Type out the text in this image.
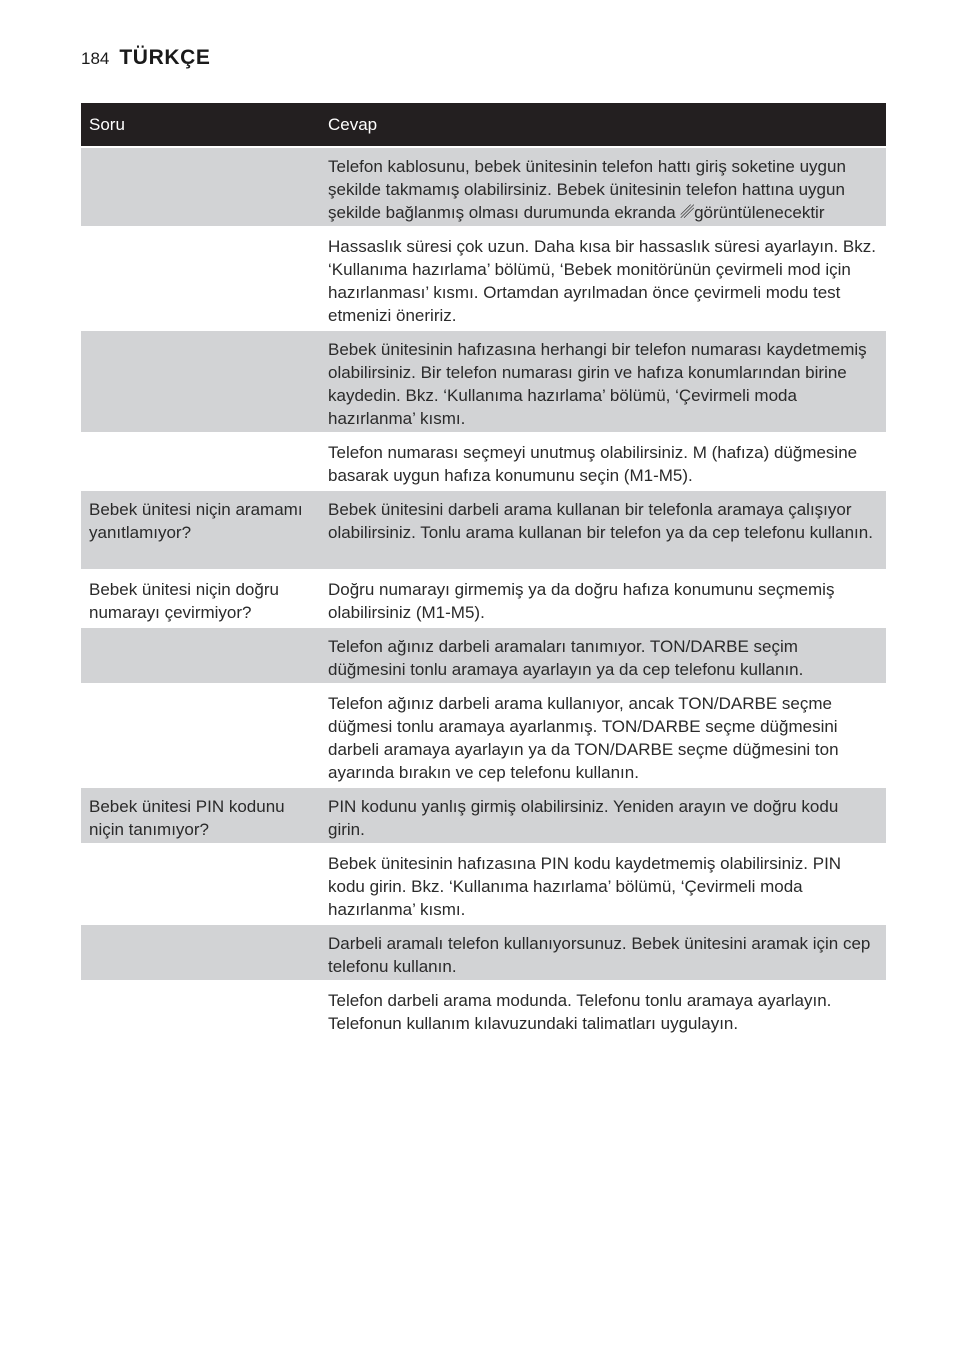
184 TÜRKÇE
Soru	Cevap
Telefon kablosunu, bebek ünitesinin telefon hattı giriş soketine uygun şekilde takmamış olabilirsiniz. Bebek ünitesinin telefon hattına uygun şekilde bağlanmış olması durumunda ekranda ␥görüntülenecektir
Hassaslık süresi çok uzun. Daha kısa bir hassaslık süresi ayarlayın. Bkz. ‘Kullanıma hazırlama’ bölümü, ‘Bebek monitörünün çevirmeli mod için hazırlanması’ kısmı. Ortamdan ayrılmadan önce çevirmeli modu test etmenizi öneririz.
Bebek ünitesinin hafızasına herhangi bir telefon numarası kaydetmemiş olabilirsiniz. Bir telefon numarası girin ve hafıza konumlarından birine kaydedin. Bkz. ‘Kullanıma hazırlama’ bölümü, ‘Çevirmeli moda hazırlanma’ kısmı.
Telefon numarası seçmeyi unutmuş olabilirsiniz. M (hafıza) düğmesine basarak uygun hafıza konumunu seçin (M1-M5).
Bebek ünitesi niçin aramamı yanıtlamıyor?
Bebek ünitesini darbeli arama kullanan bir telefonla aramaya çalışıyor olabilirsiniz. Tonlu arama kullanan bir telefon ya da cep telefonu kullanın.
Bebek ünitesi niçin doğru numarayı çevirmiyor?
Doğru numarayı girmemiş ya da doğru hafıza konumunu seçmemiş olabilirsiniz (M1-M5).
Telefon ağınız darbeli aramaları tanımıyor. TON/DARBE seçim düğmesini tonlu aramaya ayarlayın ya da cep telefonu kullanın.
Telefon ağınız darbeli arama kullanıyor, ancak TON/DARBE seçme düğmesi tonlu aramaya ayarlanmış. TON/DARBE seçme düğmesini darbeli aramaya ayarlayın ya da TON/DARBE seçme düğmesini ton ayarında bırakın ve cep telefonu kullanın.
Bebek ünitesi PIN kodunu niçin tanımıyor?
PIN kodunu yanlış girmiş olabilirsiniz. Yeniden arayın ve doğru kodu girin.
Bebek ünitesinin hafızasına PIN kodu kaydetmemiş olabilirsiniz. PIN kodu girin. Bkz. ‘Kullanıma hazırlama’ bölümü, ‘Çevirmeli moda hazırlanma’ kısmı.
Darbeli aramalı telefon kullanıyorsunuz. Bebek ünitesini aramak için cep telefonu kullanın.
Telefon darbeli arama modunda. Telefonu tonlu aramaya ayarlayın. Telefonun kullanım kılavuzundaki talimatları uygulayın.
